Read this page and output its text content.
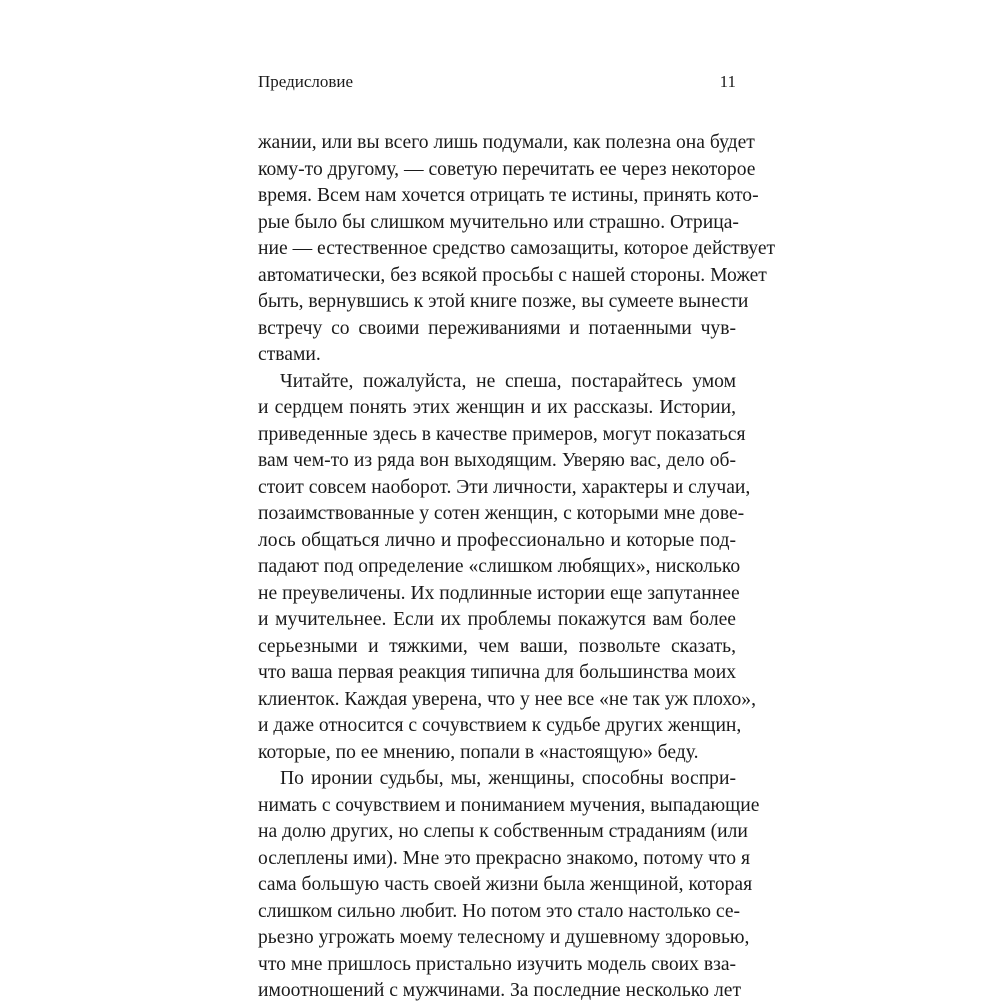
Предисловие	11
жании, или вы всего лишь подумали, как полезна она будет
кому-то другому, — советую перечитать ее через некоторое
время. Всем нам хочется отрицать те истины, принять кото-
рые было бы слишком мучительно или страшно. Отрица-
ние — естественное средство самозащиты, которое действует
автоматически, без всякой просьбы с нашей стороны. Может
быть, вернувшись к этой книге позже, вы сумеете вынести
встречу со своими переживаниями и потаенными чув-
ствами.
Читайте, пожалуйста, не спеша, постарайтесь умом
и сердцем понять этих женщин и их рассказы. Истории,
приведенные здесь в качестве примеров, могут показаться
вам чем-то из ряда вон выходящим. Уверяю вас, дело об-
стоит совсем наоборот. Эти личности, характеры и случаи,
позаимствованные у сотен женщин, с которыми мне дове-
лось общаться лично и профессионально и которые под-
падают под определение «слишком любящих», нисколько
не преувеличены. Их подлинные истории еще запутаннее
и мучительнее. Если их проблемы покажутся вам более
серьезными и тяжкими, чем ваши, позвольте сказать,
что ваша первая реакция типична для большинства моих
клиенток. Каждая уверена, что у нее все «не так уж плохо»,
и даже относится с сочувствием к судьбе других женщин,
которые, по ее мнению, попали в «настоящую» беду.
По иронии судьбы, мы, женщины, способны воспри-
нимать с сочувствием и пониманием мучения, выпадающие
на долю других, но слепы к собственным страданиям (или
ослеплены ими). Мне это прекрасно знакомо, потому что я
сама большую часть своей жизни была женщиной, которая
слишком сильно любит. Но потом это стало настолько се-
рьезно угрожать моему телесному и душевному здоровью,
что мне пришлось пристально изучить модель своих вза-
имоотношений с мужчинами. За последние несколько лет
